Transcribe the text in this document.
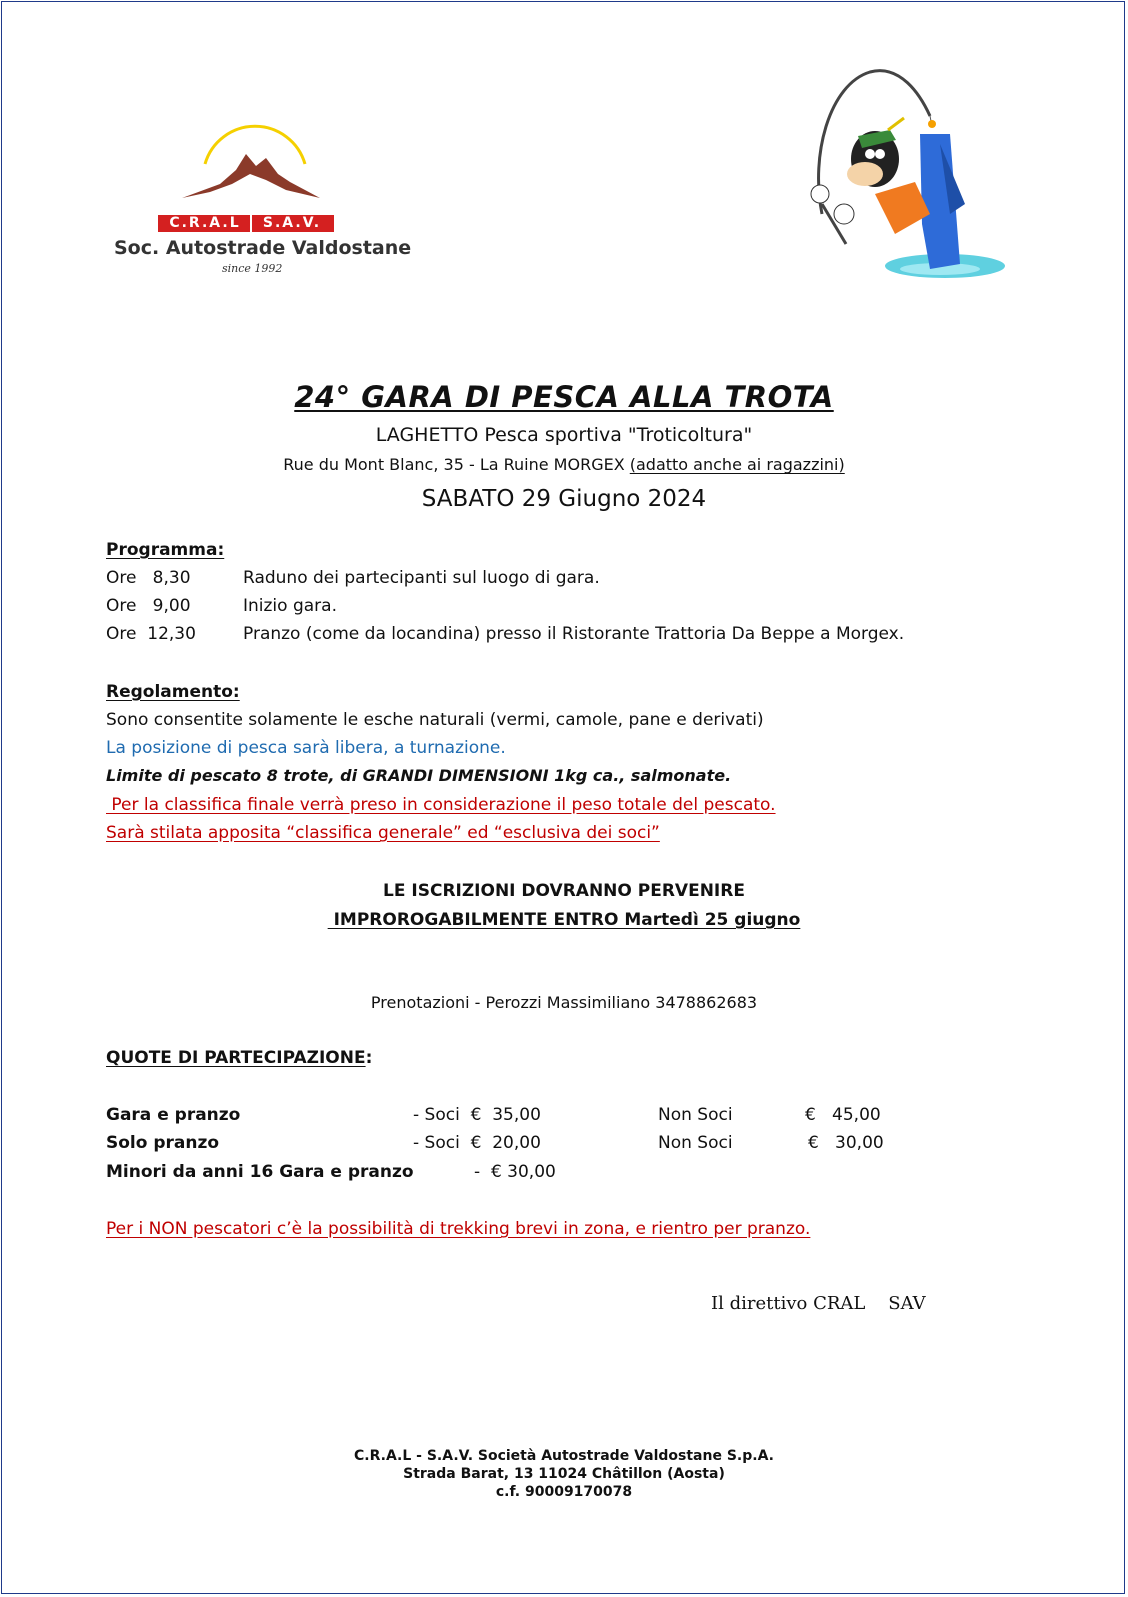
C.R.A.L	S.A.V.
Soc. Autostrade Valdostane
since 1992
24° GARA DI PESCA ALLA TROTA
LAGHETTO Pesca sportiva "Troticoltura"
Rue du Mont Blanc, 35 - La Ruine MORGEX (adatto anche ai ragazzini)
SABATO 29 Giugno 2024
Programma:
Ore   8,30	Raduno dei partecipanti sul luogo di gara.
Ore   9,00	Inizio gara.
Ore  12,30	Pranzo (come da locandina) presso il Ristorante Trattoria Da Beppe a Morgex.
Regolamento:
Sono consentite solamente le esche naturali (vermi, camole, pane e derivati)
La posizione di pesca sarà libera, a turnazione.
Limite di pescato 8 trote, di GRANDI DIMENSIONI 1kg ca., salmonate.
Per la classifica finale verrà preso in considerazione il peso totale del pescato.
Sarà stilata apposita “classifica generale” ed “esclusiva dei soci”
LE ISCRIZIONI DOVRANNO PERVENIRE
IMPROROGABILMENTE ENTRO Martedì 25 giugno
Prenotazioni - Perozzi Massimiliano 3478862683
QUOTE DI PARTECIPAZIONE:
Gara e pranzo	- Soci  €  35,00	Non Soci	€   45,00
Solo pranzo	- Soci  €  20,00	Non Soci	€   30,00
Minori da anni 16 Gara e pranzo	-  € 30,00
Per i NON pescatori c’è la possibilità di trekking brevi in zona, e rientro per pranzo.
Il direttivo CRAL    SAV
C.R.A.L - S.A.V. Società Autostrade Valdostane S.p.A.
Strada Barat, 13 11024 Châtillon (Aosta)
c.f. 90009170078
